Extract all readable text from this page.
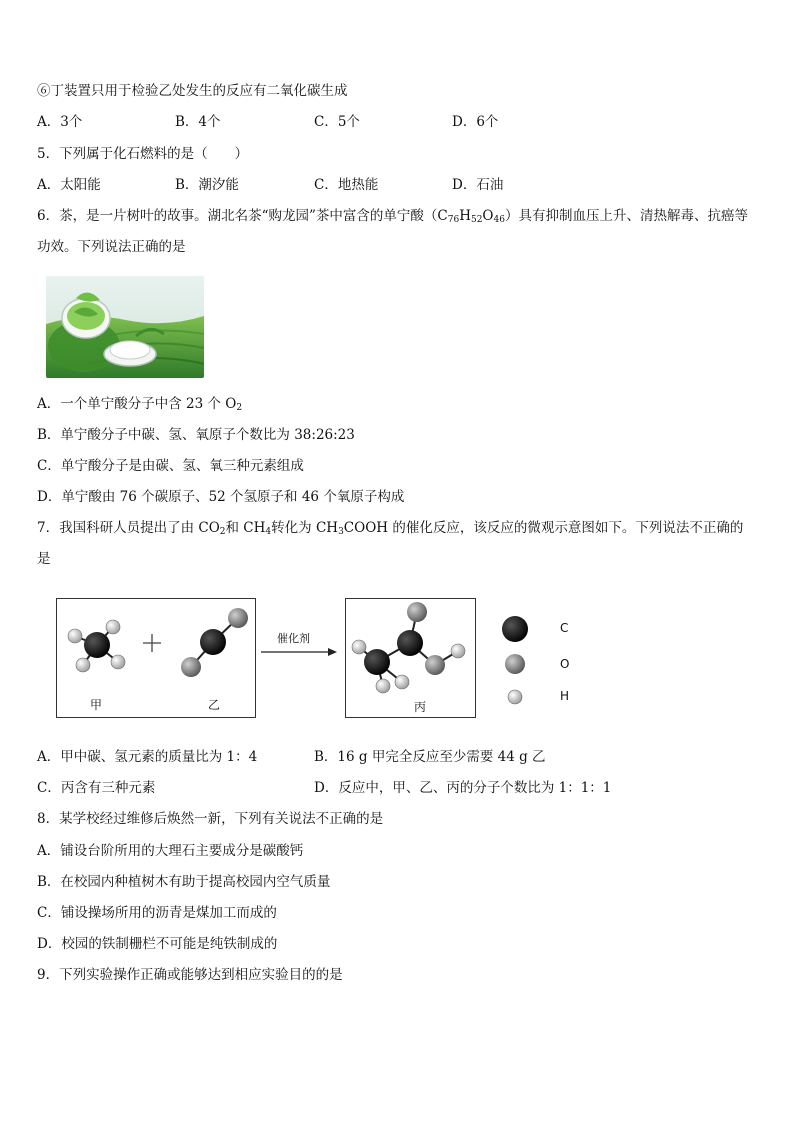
⑥丁装置只用于检验乙处发生的反应有二氧化碳生成
A．3个	B．4个	C．5个	D．6个
5．下列属于化石燃料的是（　　）
A．太阳能	B．潮汐能	C．地热能	D．石油
6．茶，是一片树叶的故事。湖北名茶“购龙园”茶中富含的单宁酸$(C_{76}H_{52}O_{46})$具有抑制血压上升、清热解毒、抗癌等
功效。下列说法正确的是
A．一个单宁酸分子中含 23 个 $O_2$
B．单宁酸分子中碳、氢、氧原子个数比为 38:26:23
C．单宁酸分子是由碳、氢、氧三种元素组成
D．单宁酸由 76 个碳原子、52 个氢原子和 46 个氧原子构成
7．我国科研人员提出了由 $CO_2$和 $CH_4$转化为 $CH_3COOH$ 的催化反应，该反应的微观示意图如下。下列说法不正确的
是
甲	乙	丙
催化剂
C
O
H
A．甲中碳、氢元素的质量比为 1：4	B．16 g 甲完全反应至少需要 44 g 乙
C．丙含有三种元素	D．反应中，甲、乙、丙的分子个数比为 1：1：1
8．某学校经过维修后焕然一新，下列有关说法不正确的是
A．铺设台阶所用的大理石主要成分是碳酸钙
B．在校园内种植树木有助于提高校园内空气质量
C．铺设操场所用的沥青是煤加工而成的
D．校园的铁制栅栏不可能是纯铁制成的
9．下列实验操作正确或能够达到相应实验目的的是
